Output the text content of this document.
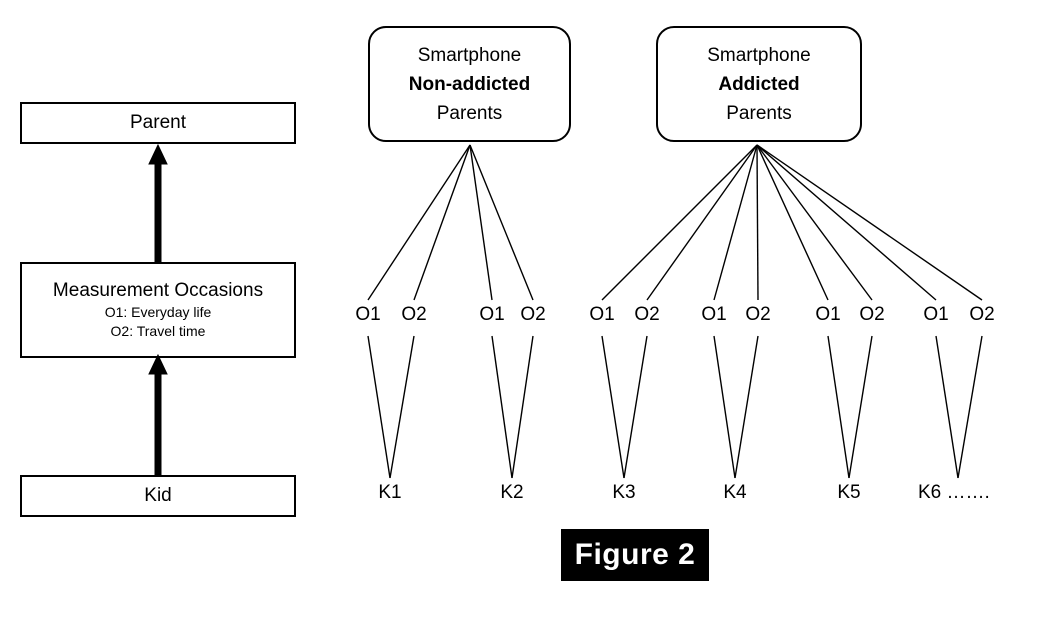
Parent
Measurement Occasions
O1: Everyday life
O2: Travel time
Kid
Smartphone
Non-addicted
Parents
Smartphone
Addicted
Parents
O1	O2	O1 O2	O1	O2	O1 O2	O1 O2	O1	O2
K1	K2	K3	K4	K5	K6 …….
Figure 2
